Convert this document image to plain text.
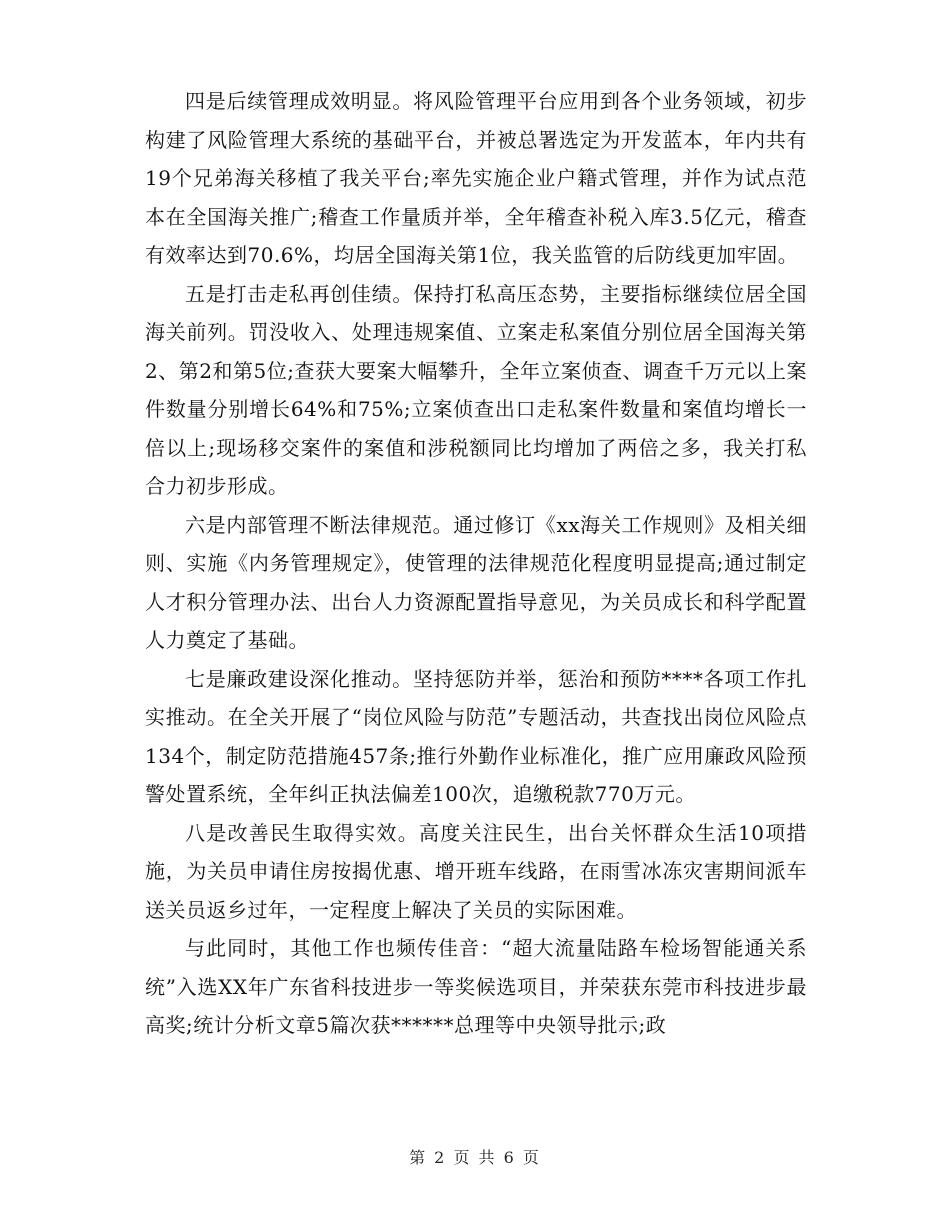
四是后续管理成效明显。将风险管理平台应用到各个业务领域，初步构建了风险管理大系统的基础平台，并被总署选定为开发蓝本，年内共有19个兄弟海关移植了我关平台;率先实施企业户籍式管理，并作为试点范本在全国海关推广;稽查工作量质并举，全年稽查补税入库3.5亿元，稽查有效率达到70.6%，均居全国海关第1位，我关监管的后防线更加牢固。

五是打击走私再创佳绩。保持打私高压态势，主要指标继续位居全国海关前列。罚没收入、处理违规案值、立案走私案值分别位居全国海关第2、第2和第5位;查获大要案大幅攀升，全年立案侦查、调查千万元以上案件数量分别增长64%和75%;立案侦查出口走私案件数量和案值均增长一倍以上;现场移交案件的案值和涉税额同比均增加了两倍之多，我关打私合力初步形成。

六是内部管理不断法律规范。通过修订《xx海关工作规则》及相关细则、实施《内务管理规定》，使管理的法律规范化程度明显提高;通过制定人才积分管理办法、出台人力资源配置指导意见，为关员成长和科学配置人力奠定了基础。

七是廉政建设深化推动。坚持惩防并举，惩治和预防****各项工作扎实推动。在全关开展了“岗位风险与防范”专题活动，共查找出岗位风险点134个，制定防范措施457条;推行外勤作业标准化，推广应用廉政风险预警处置系统，全年纠正执法偏差100次，追缴税款770万元。

八是改善民生取得实效。高度关注民生，出台关怀群众生活10项措施，为关员申请住房按揭优惠、增开班车线路，在雨雪冰冻灾害期间派车送关员返乡过年，一定程度上解决了关员的实际困难。

与此同时，其他工作也频传佳音：“超大流量陆路车检场智能通关系统”入选XX年广东省科技进步一等奖候选项目，并荣获东莞市科技进步最高奖;统计分析文章5篇次获******总理等中央领导批示;政

第 2 页 共 6 页
